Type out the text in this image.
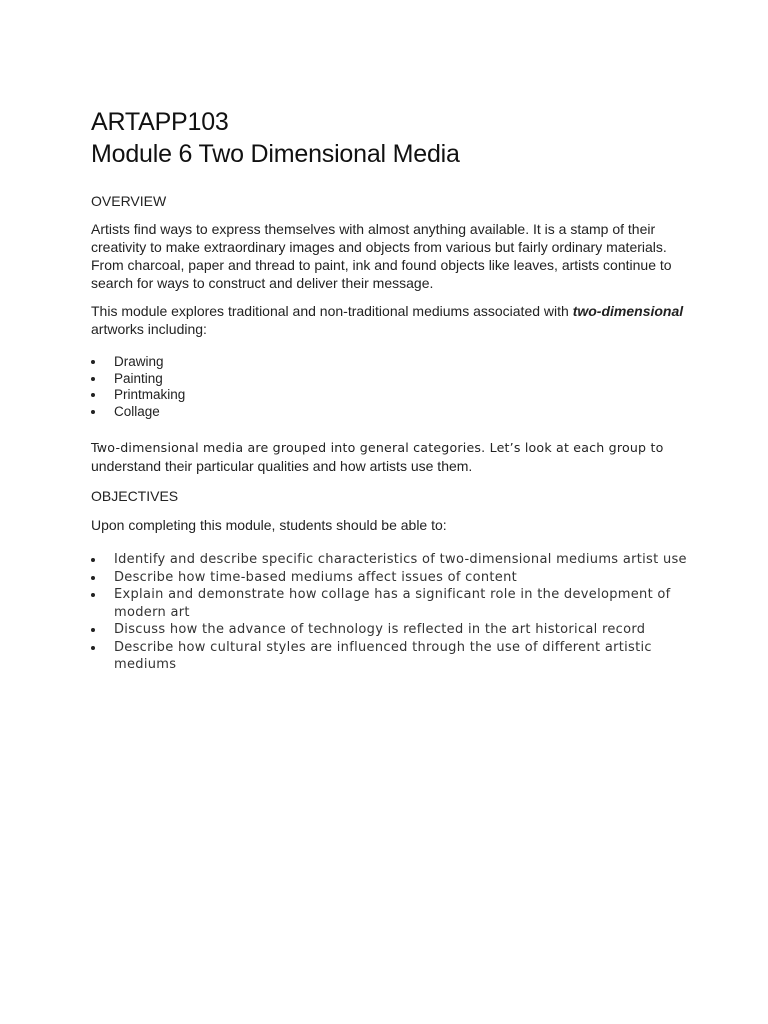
ARTAPP103
Module 6 Two Dimensional Media

OVERVIEW

Artists find ways to express themselves with almost anything available. It is a stamp of their creativity to make extraordinary images and objects from various but fairly ordinary materials. From charcoal, paper and thread to paint, ink and found objects like leaves, artists continue to search for ways to construct and deliver their message.

This module explores traditional and non-traditional mediums associated with two-dimensional artworks including:

Drawing
Painting
Printmaking
Collage

Two-dimensional media are grouped into general categories. Let’s look at each group to
understand their particular qualities and how artists use them.

OBJECTIVES

Upon completing this module, students should be able to:

Identify and describe specific characteristics of two-dimensional mediums artist use
Describe how time-based mediums affect issues of content
Explain and demonstrate how collage has a significant role in the development of modern art
Discuss how the advance of technology is reflected in the art historical record
Describe how cultural styles are influenced through the use of different artistic mediums
